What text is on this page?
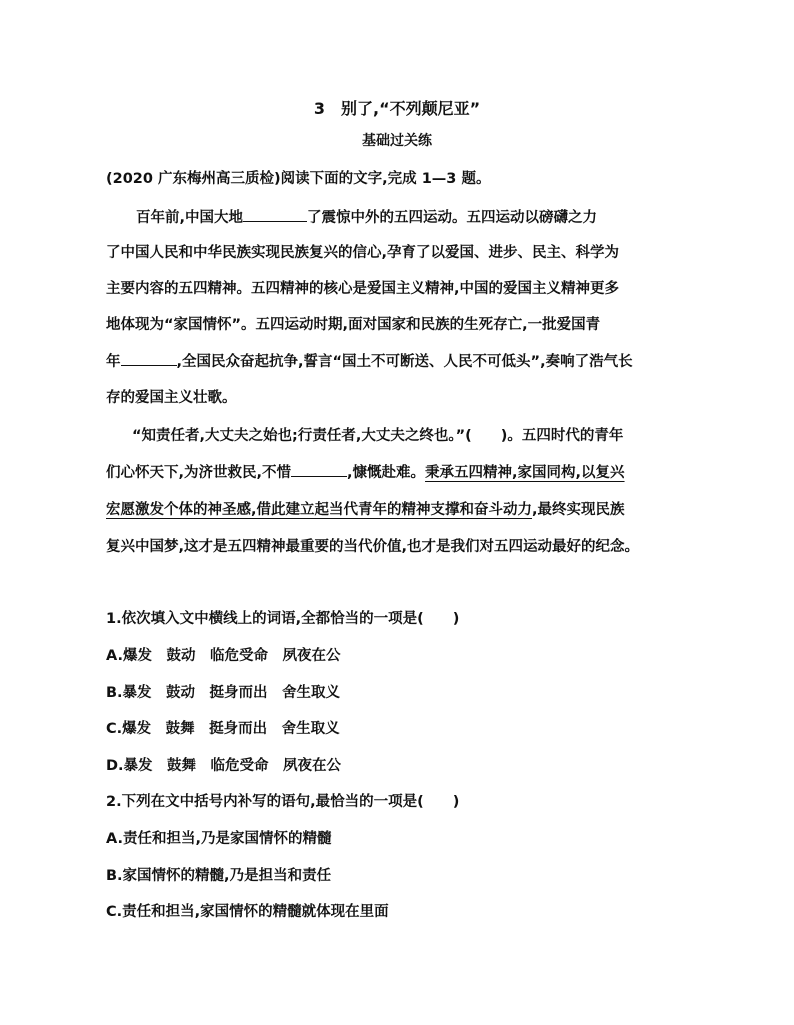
3　别了,“不列颠尼亚”
基础过关练
(2020 广东梅州高三质检)阅读下面的文字,完成 1—3 题。
百年前,中国大地	了震惊中外的五四运动。五四运动以磅礴之力
了中国人民和中华民族实现民族复兴的信心,孕育了以爱国、进步、民主、科学为
主要内容的五四精神。五四精神的核心是爱国主义精神,中国的爱国主义精神更多
地体现为“家国情怀”。五四运动时期,面对国家和民族的生死存亡,一批爱国青
年	,全国民众奋起抗争,誓言“国土不可断送、人民不可低头”,奏响了浩气长
存的爱国主义壮歌。
“知责任者,大丈夫之始也;行责任者,大丈夫之终也。”(　　)。五四时代的青年
们心怀天下,为济世救民,不惜	,慷慨赴难。秉承五四精神,家国同构,以复兴
宏愿激发个体的神圣感,借此建立起当代青年的精神支撑和奋斗动力,最终实现民族
复兴中国梦,这才是五四精神最重要的当代价值,也才是我们对五四运动最好的纪念。
1.依次填入文中横线上的词语,全都恰当的一项是(　　)
A.爆发　鼓动　临危受命　夙夜在公
B.暴发　鼓动　挺身而出　舍生取义
C.爆发　鼓舞　挺身而出　舍生取义
D.暴发　鼓舞　临危受命　夙夜在公
2.下列在文中括号内补写的语句,最恰当的一项是(　　)
A.责任和担当,乃是家国情怀的精髓
B.家国情怀的精髓,乃是担当和责任
C.责任和担当,家国情怀的精髓就体现在里面
